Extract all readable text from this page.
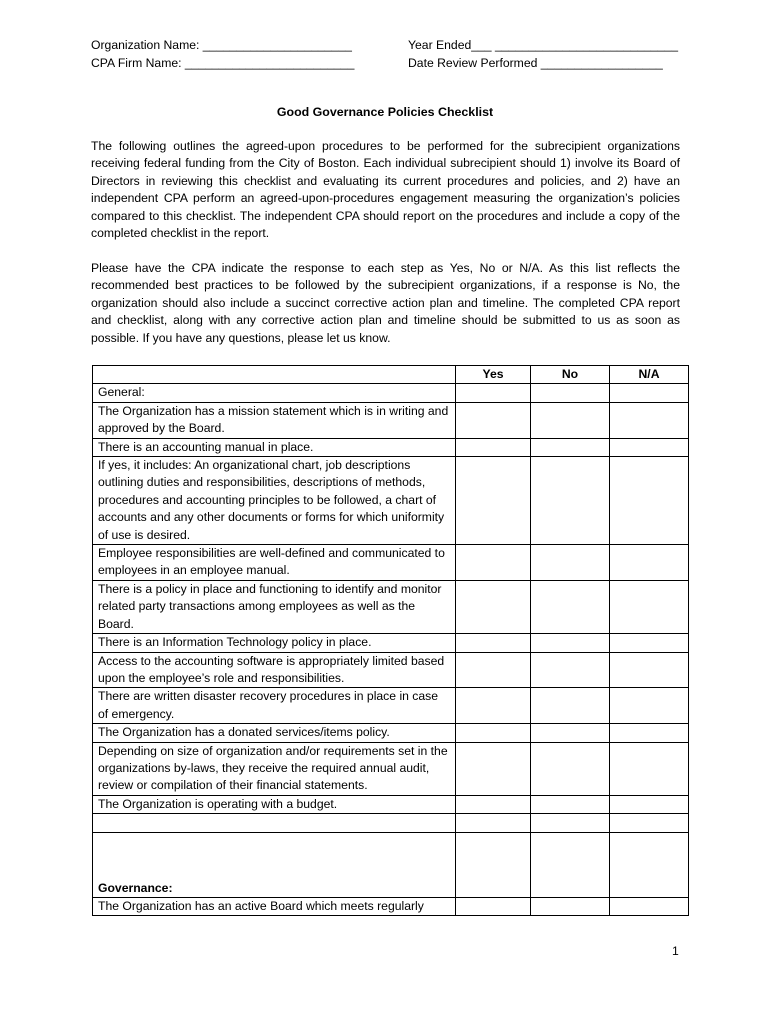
Organization Name: ______________________
CPA Firm Name: _________________________
Year Ended___ ___________________________
Date Review Performed __________________
Good Governance Policies Checklist

The following outlines the agreed-upon procedures to be performed for the subrecipient organizations receiving federal funding from the City of Boston. Each individual subrecipient should 1) involve its Board of Directors in reviewing this checklist and evaluating its current procedures and policies, and 2) have an independent CPA perform an agreed-upon-procedures engagement measuring the organization’s policies compared to this checklist. The independent CPA should report on the procedures and include a copy of the completed checklist in the report.

Please have the CPA indicate the response to each step as Yes, No or N/A. As this list reflects the recommended best practices to be followed by the subrecipient organizations, if a response is No, the organization should also include a succinct corrective action plan and timeline. The completed CPA report and checklist, along with any corrective action plan and timeline should be submitted to us as soon as possible. If you have any questions, please let us know.

	Yes	No	N/A
General:			
The Organization has a mission statement which is in writing and approved by the Board.			
There is an accounting manual in place.			
If yes, it includes: An organizational chart, job descriptions outlining duties and responsibilities, descriptions of methods, procedures and accounting principles to be followed, a chart of accounts and any other documents or forms for which uniformity of use is desired.			
Employee responsibilities are well-defined and communicated to employees in an employee manual.			
There is a policy in place and functioning to identify and monitor related party transactions among employees as well as the Board.			
There is an Information Technology policy in place.			
Access to the accounting software is appropriately limited based upon the employee’s role and responsibilities.			
There are written disaster recovery procedures in place in case of emergency.			
The Organization has a donated services/items policy.			
Depending on size of organization and/or requirements set in the organizations by-laws, they receive the required annual audit, review or compilation of their financial statements.			
The Organization is operating with a budget.			

Governance:			

The Organization has an active Board which meets regularly			
1
